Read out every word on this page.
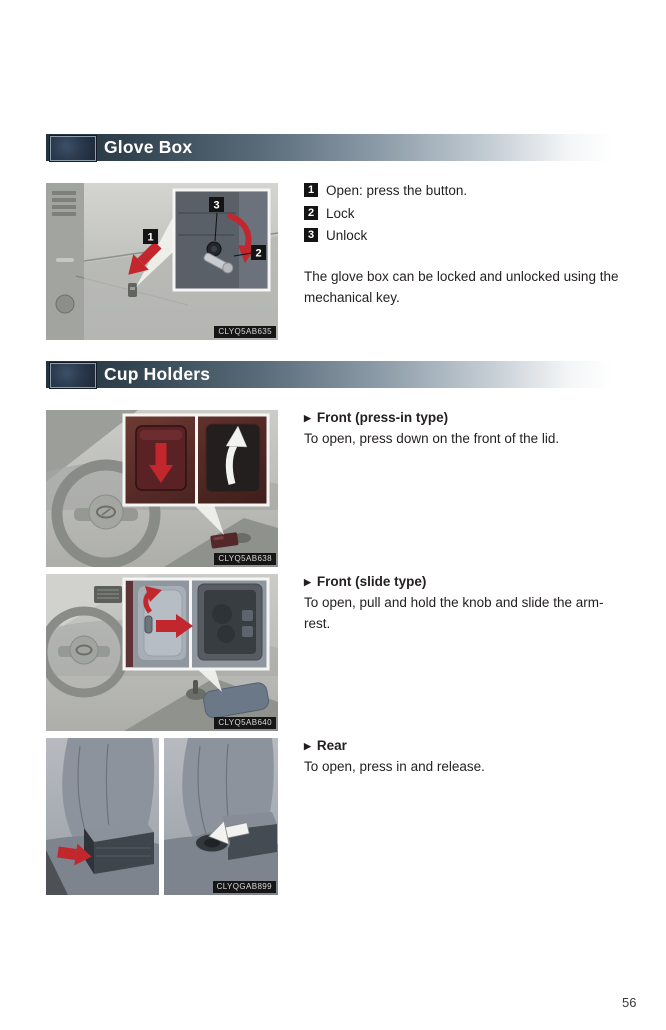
Glove Box
1
3
2
CLYQ5AB635
1 Open: press the button.
2 Lock
3 Unlock
The glove box can be locked and unlocked using the mechanical key.
Cup Holders
CLYQ5AB638
▶ Front (press-in type)
To open, press down on the front of the lid.
CLYQ5AB640
▶ Front (slide type)
To open, pull and hold the knob and slide the arm-rest.
CLYQGAB899
▶ Rear
To open, press in and release.
56
